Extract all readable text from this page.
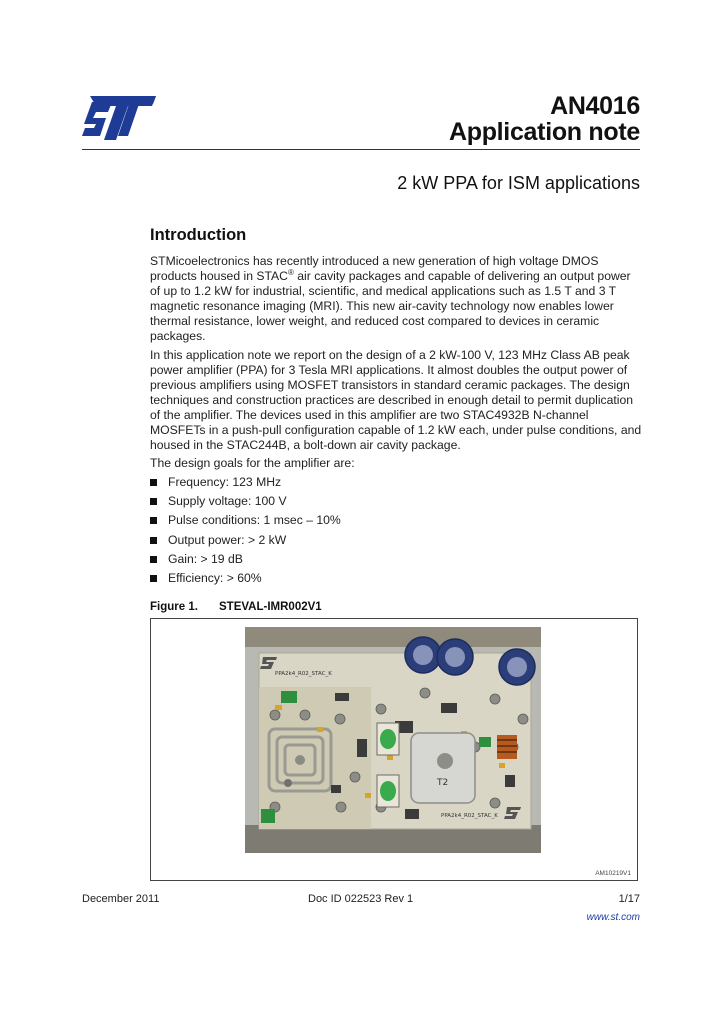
AN4016
Application note
2 kW PPA for ISM applications
Introduction
STMicoelectronics has recently introduced a new generation of high voltage DMOS products housed in STAC® air cavity packages and capable of delivering an output power of up to 1.2 kW for industrial, scientific, and medical applications such as 1.5 T and 3 T magnetic resonance imaging (MRI). This new air-cavity technology now enables lower thermal resistance, lower weight, and reduced cost compared to devices in ceramic packages.
In this application note we report on the design of a 2 kW-100 V, 123 MHz Class AB peak power amplifier (PPA) for 3 Tesla MRI applications. It almost doubles the output power of previous amplifiers using MOSFET transistors in standard ceramic packages. The design techniques and construction practices are described in enough detail to permit duplication of the amplifier. The devices used in this amplifier are two STAC4932B N-channel MOSFETs in a push-pull configuration capable of 1.2 kW each, under pulse conditions, and housed in the STAC244B, a bolt-down air cavity package.
The design goals for the amplifier are:
Frequency: 123 MHz
Supply voltage: 100 V
Pulse conditions: 1 msec – 10%
Output power: > 2 kW
Gain: > 19 dB
Efficiency: > 60%
Figure 1. STEVAL-IMR002V1
T2
PPA2k4_R02_STAC_K
PPA2k4_R02_STAC_K
AM10219V1
December 2011	Doc ID 022523 Rev 1	1/17
www.st.com
